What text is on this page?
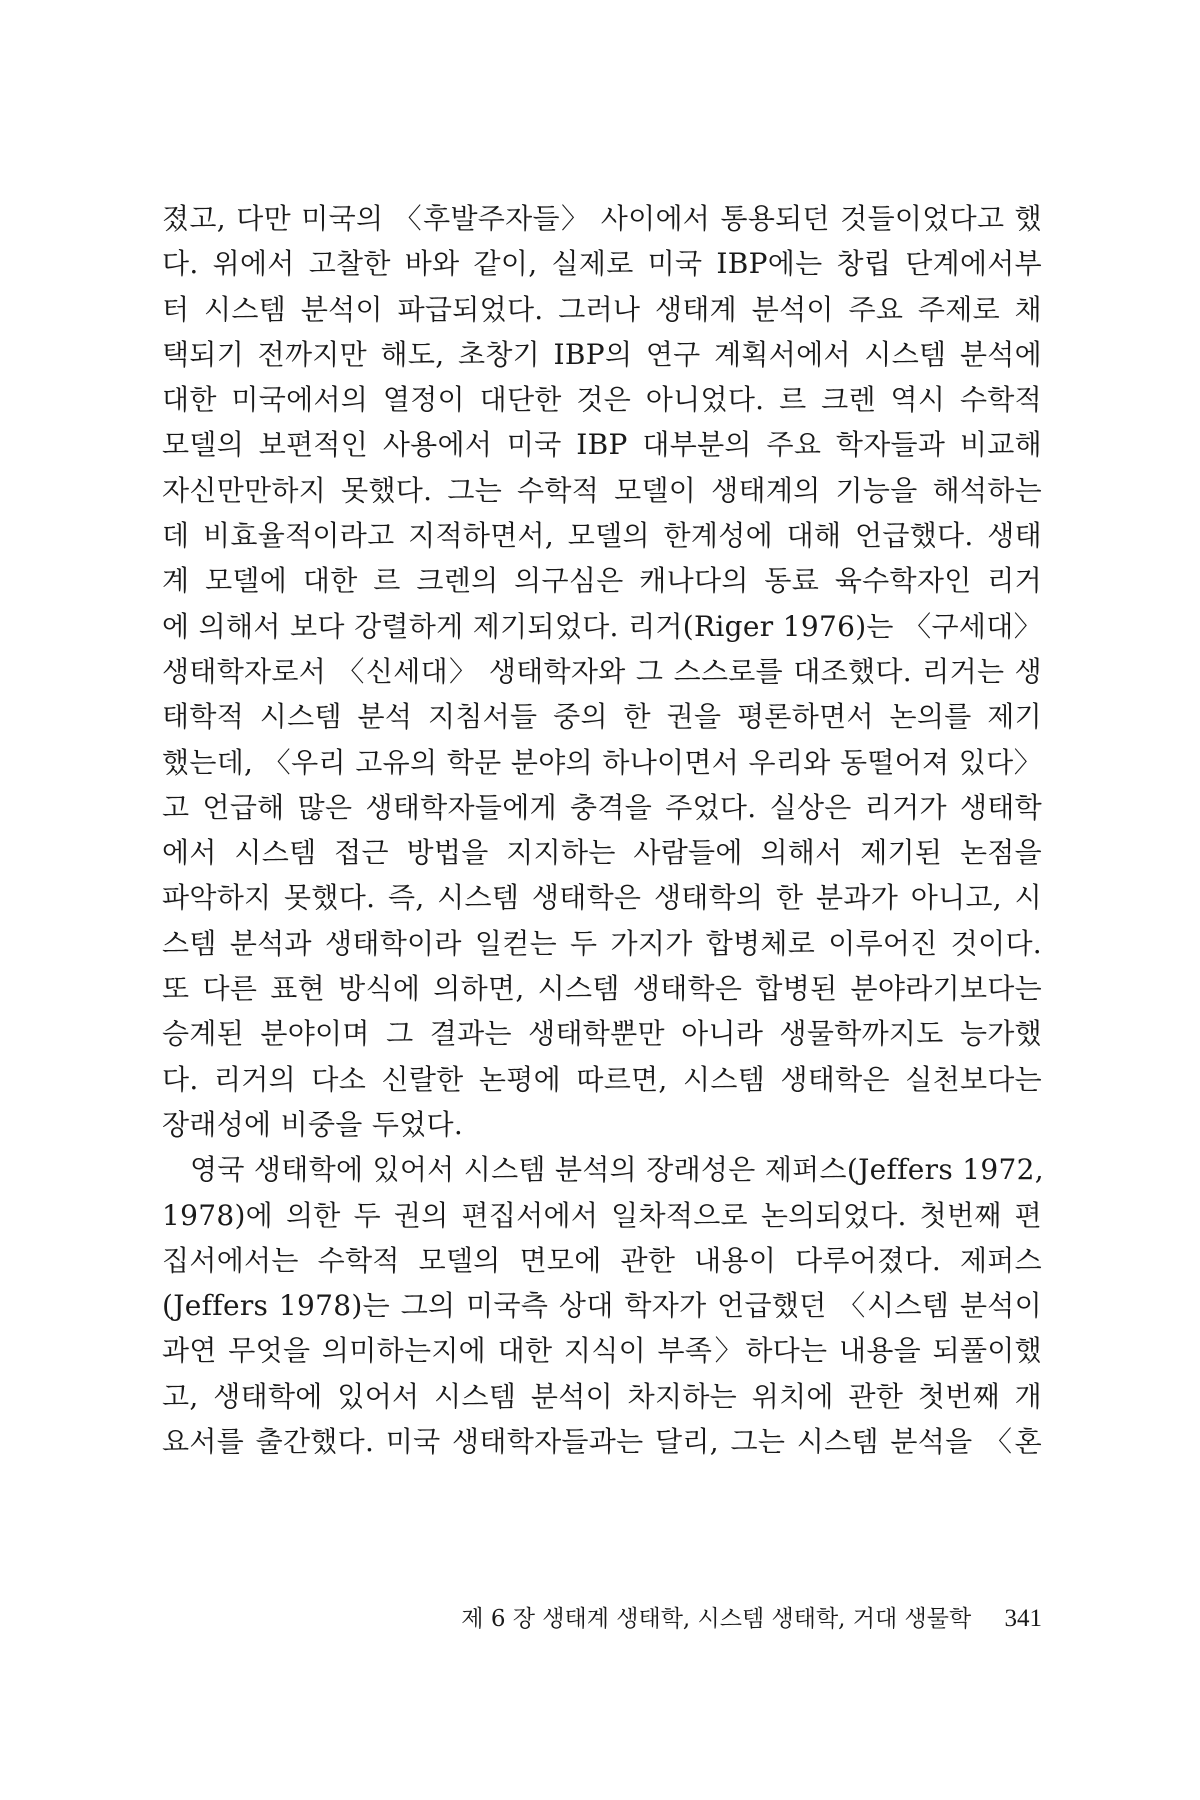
졌고, 다만 미국의 〈후발주자들〉 사이에서 통용되던 것들이었다고 했
다. 위에서 고찰한 바와 같이, 실제로 미국 IBP에는 창립 단계에서부
터 시스템 분석이 파급되었다. 그러나 생태계 분석이 주요 주제로 채
택되기 전까지만 해도, 초창기 IBP의 연구 계획서에서 시스템 분석에
대한 미국에서의 열정이 대단한 것은 아니었다. 르 크렌 역시 수학적
모델의 보편적인 사용에서 미국 IBP 대부분의 주요 학자들과 비교해
자신만만하지 못했다. 그는 수학적 모델이 생태계의 기능을 해석하는
데 비효율적이라고 지적하면서, 모델의 한계성에 대해 언급했다. 생태
계 모델에 대한 르 크렌의 의구심은 캐나다의 동료 육수학자인 리거
에 의해서 보다 강렬하게 제기되었다. 리거(Riger 1976)는 〈구세대〉
생태학자로서 〈신세대〉 생태학자와 그 스스로를 대조했다. 리거는 생
태학적 시스템 분석 지침서들 중의 한 권을 평론하면서 논의를 제기
했는데, 〈우리 고유의 학문 분야의 하나이면서 우리와 동떨어져 있다〉
고 언급해 많은 생태학자들에게 충격을 주었다. 실상은 리거가 생태학
에서 시스템 접근 방법을 지지하는 사람들에 의해서 제기된 논점을
파악하지 못했다. 즉, 시스템 생태학은 생태학의 한 분과가 아니고, 시
스템 분석과 생태학이라 일컫는 두 가지가 합병체로 이루어진 것이다.
또 다른 표현 방식에 의하면, 시스템 생태학은 합병된 분야라기보다는
승계된 분야이며 그 결과는 생태학뿐만 아니라 생물학까지도 능가했
다. 리거의 다소 신랄한 논평에 따르면, 시스템 생태학은 실천보다는
장래성에 비중을 두었다.
영국 생태학에 있어서 시스템 분석의 장래성은 제퍼스(Jeffers 1972,
1978)에 의한 두 권의 편집서에서 일차적으로 논의되었다. 첫번째 편
집서에서는 수학적 모델의 면모에 관한 내용이 다루어졌다. 제퍼스
(Jeffers 1978)는 그의 미국측 상대 학자가 언급했던 〈시스템 분석이
과연 무엇을 의미하는지에 대한 지식이 부족〉하다는 내용을 되풀이했
고, 생태학에 있어서 시스템 분석이 차지하는 위치에 관한 첫번째 개
요서를 출간했다. 미국 생태학자들과는 달리, 그는 시스템 분석을 〈혼
제 6 장 생태계 생태학, 시스템 생태학, 거대 생물학 341
